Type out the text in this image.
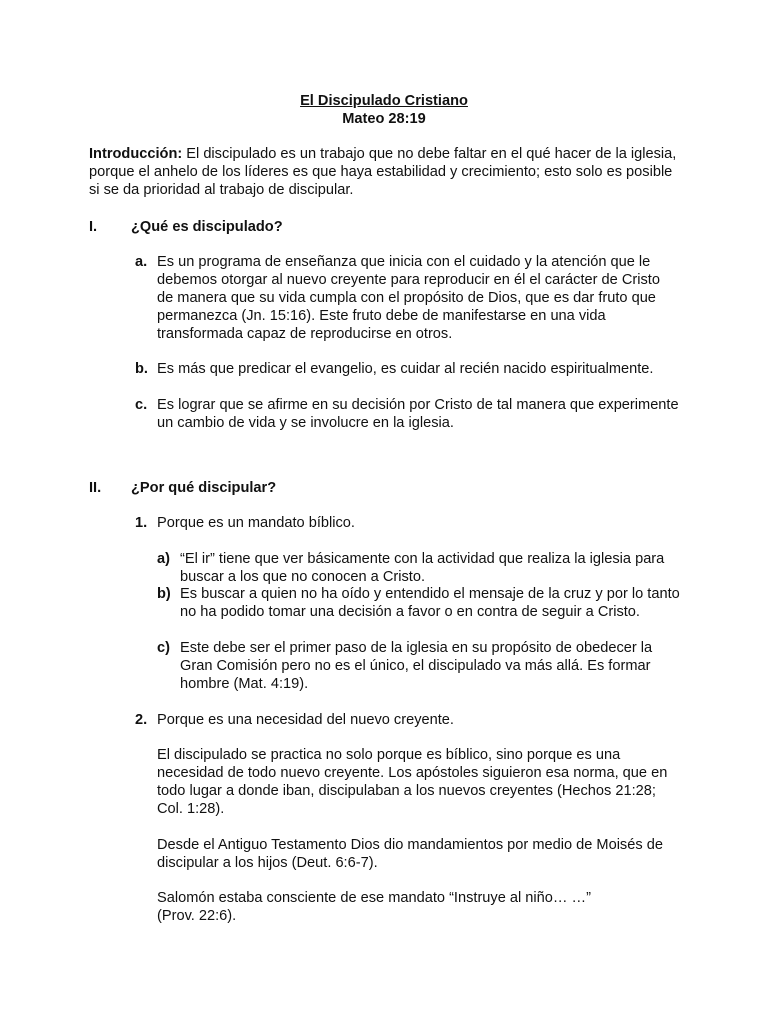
El Discipulado Cristiano

Mateo 28:19

Introducción: El discipulado es un trabajo que no debe faltar en el qué hacer de la iglesia, porque el anhelo de los líderes es que haya estabilidad y crecimiento; esto solo es posible si se da prioridad al trabajo de discipular.

I. ¿Qué es discipulado?

a. Es un programa de enseñanza que inicia con el cuidado y la atención que le debemos otorgar al nuevo creyente para reproducir en él el carácter de Cristo de manera que su vida cumpla con el propósito de Dios, que es dar fruto que permanezca (Jn. 15:16). Este fruto debe de manifestarse en una vida transformada capaz de reproducirse en otros.

b. Es más que predicar el evangelio, es cuidar al recién nacido espiritualmente.

c. Es lograr que se afirme en su decisión por Cristo de tal manera que experimente un cambio de vida y se involucre en la iglesia.

II. ¿Por qué discipular?

1. Porque es un mandato bíblico.

a) “El ir” tiene que ver básicamente con la actividad que realiza la iglesia para buscar a los que no conocen a Cristo.

b) Es buscar a quien no ha oído y entendido el mensaje de la cruz y por lo tanto no ha podido tomar una decisión a favor o en contra de seguir a Cristo.

c) Este debe ser el primer paso de la iglesia en su propósito de obedecer la Gran Comisión pero no es el único, el discipulado va más allá. Es formar hombre (Mat. 4:19).

2. Porque es una necesidad del nuevo creyente.

El discipulado se practica no solo porque es bíblico, sino porque es una necesidad de todo nuevo creyente. Los apóstoles siguieron esa norma, que en todo lugar a donde iban, discipulaban a los nuevos creyentes (Hechos 21:28; Col. 1:28).

Desde el Antiguo Testamento Dios dio mandamientos por medio de Moisés de discipular a los hijos (Deut. 6:6-7).

Salomón estaba consciente de ese mandato “Instruye al niño… …”

(Prov. 22:6).
